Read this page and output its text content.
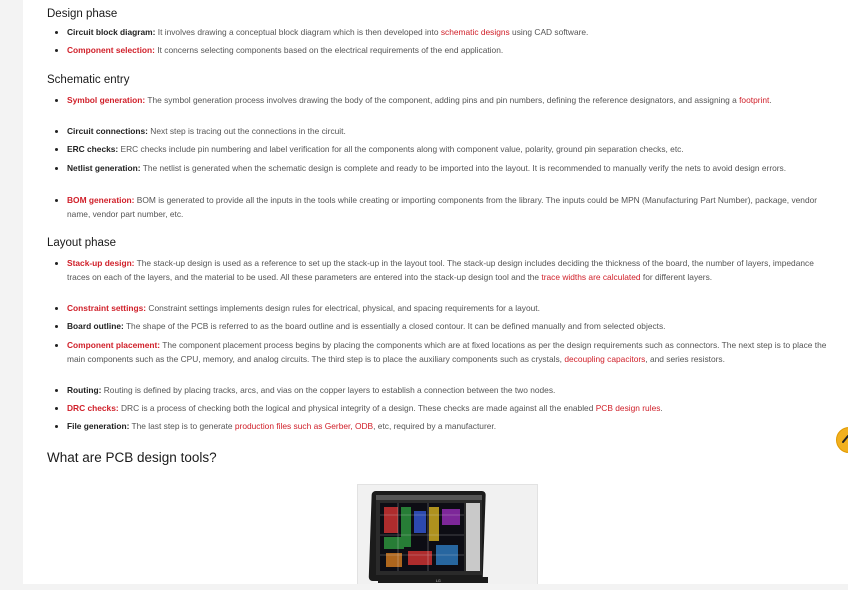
Design phase
Circuit block diagram: It involves drawing a conceptual block diagram which is then developed into schematic designs using CAD software.
Component selection: It concerns selecting components based on the electrical requirements of the end application.
Schematic entry
Symbol generation: The symbol generation process involves drawing the body of the component, adding pins and pin numbers, defining the reference designators, and assigning a footprint.
Circuit connections: Next step is tracing out the connections in the circuit.
ERC checks: ERC checks include pin numbering and label verification for all the components along with component value, polarity, ground pin separation checks, etc.
Netlist generation: The netlist is generated when the schematic design is complete and ready to be imported into the layout. It is recommended to manually verify the nets to avoid design errors.
BOM generation: BOM is generated to provide all the inputs in the tools while creating or importing components from the library. The inputs could be MPN (Manufacturing Part Number), package, vendor name, vendor part number, etc.
Layout phase
Stack-up design: The stack-up design is used as a reference to set up the stack-up in the layout tool. The stack-up design includes deciding the thickness of the board, the number of layers, impedance traces on each of the layers, and the material to be used. All these parameters are entered into the stack-up design tool and the trace widths are calculated for different layers.
Constraint settings: Constraint settings implements design rules for electrical, physical, and spacing requirements for a layout.
Board outline: The shape of the PCB is referred to as the board outline and is essentially a closed contour. It can be defined manually and from selected objects.
Component placement: The component placement process begins by placing the components which are at fixed locations as per the design requirements such as connectors. The next step is to place the main components such as the CPU, memory, and analog circuits. The third step is to place the auxiliary components such as crystals, decoupling capacitors, and series resistors.
Routing: Routing is defined by placing tracks, arcs, and vias on the copper layers to establish a connection between the two nodes.
DRC checks: DRC is a process of checking both the logical and physical integrity of a design. These checks are made against all the enabled PCB design rules.
File generation: The last step is to generate production files such as Gerber, ODB, etc, required by a manufacturer.
What are PCB design tools?
LG
